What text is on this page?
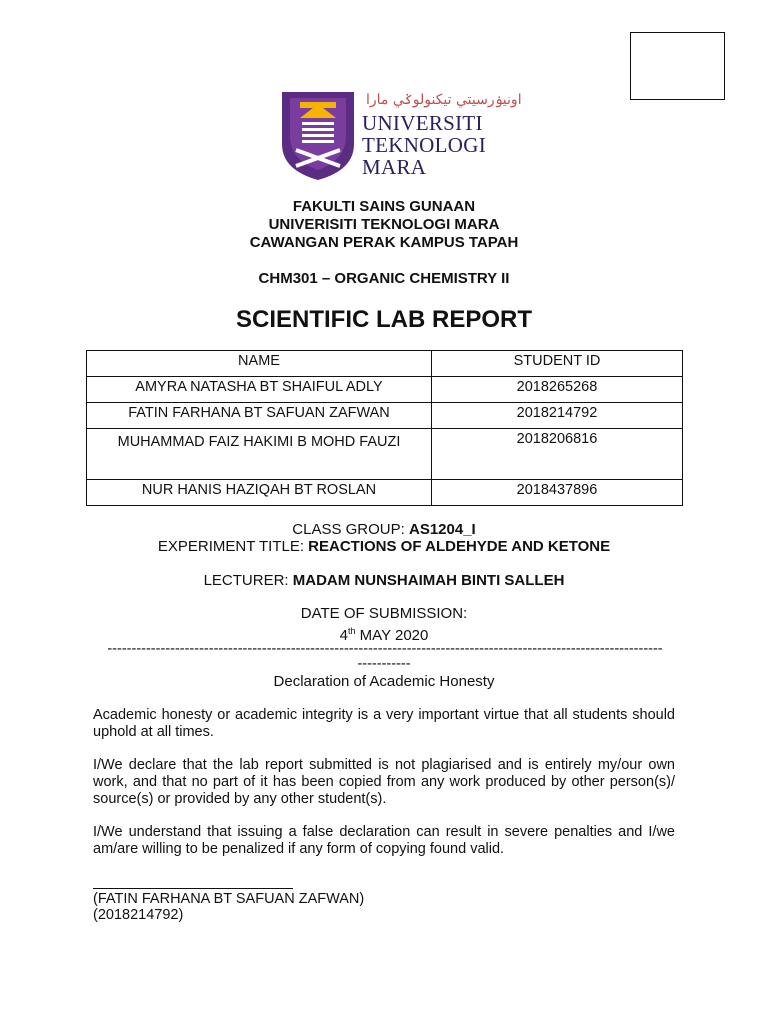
اونيۏرسيتي تيكنولوݢي مارا
UNIVERSITI
TEKNOLOGI
MARA
FAKULTI SAINS GUNAAN
UNIVERISITI TEKNOLOGI MARA
CAWANGAN PERAK KAMPUS TAPAH
CHM301 – ORGANIC CHEMISTRY II
SCIENTIFIC LAB REPORT
NAME	STUDENT ID
AMYRA NATASHA BT SHAIFUL ADLY	2018265268
FATIN FARHANA BT SAFUAN ZAFWAN	2018214792
MUHAMMAD FAIZ HAKIMI B MOHD FAUZI	2018206816
NUR HANIS HAZIQAH BT ROSLAN	2018437896
CLASS GROUP: AS1204_I
EXPERIMENT TITLE: REACTIONS OF ALDEHYDE AND KETONE
LECTURER: MADAM NUNSHAIMAH BINTI SALLEH
DATE OF SUBMISSION:
4th MAY 2020
-------------------------------------------------------------------------------------------------------------------
-----------
Declaration of Academic Honesty
Academic honesty or academic integrity is a very important virtue that all students should uphold at all times.
I/We declare that the lab report submitted is not plagiarised and is entirely my/our own work, and that no part of it has been copied from any work produced by other person(s)/ source(s) or provided by any other student(s).
I/We understand that issuing a false declaration can result in severe penalties and I/we am/are willing to be penalized if any form of copying found valid.
(FATIN FARHANA BT SAFUAN ZAFWAN)
(2018214792)
